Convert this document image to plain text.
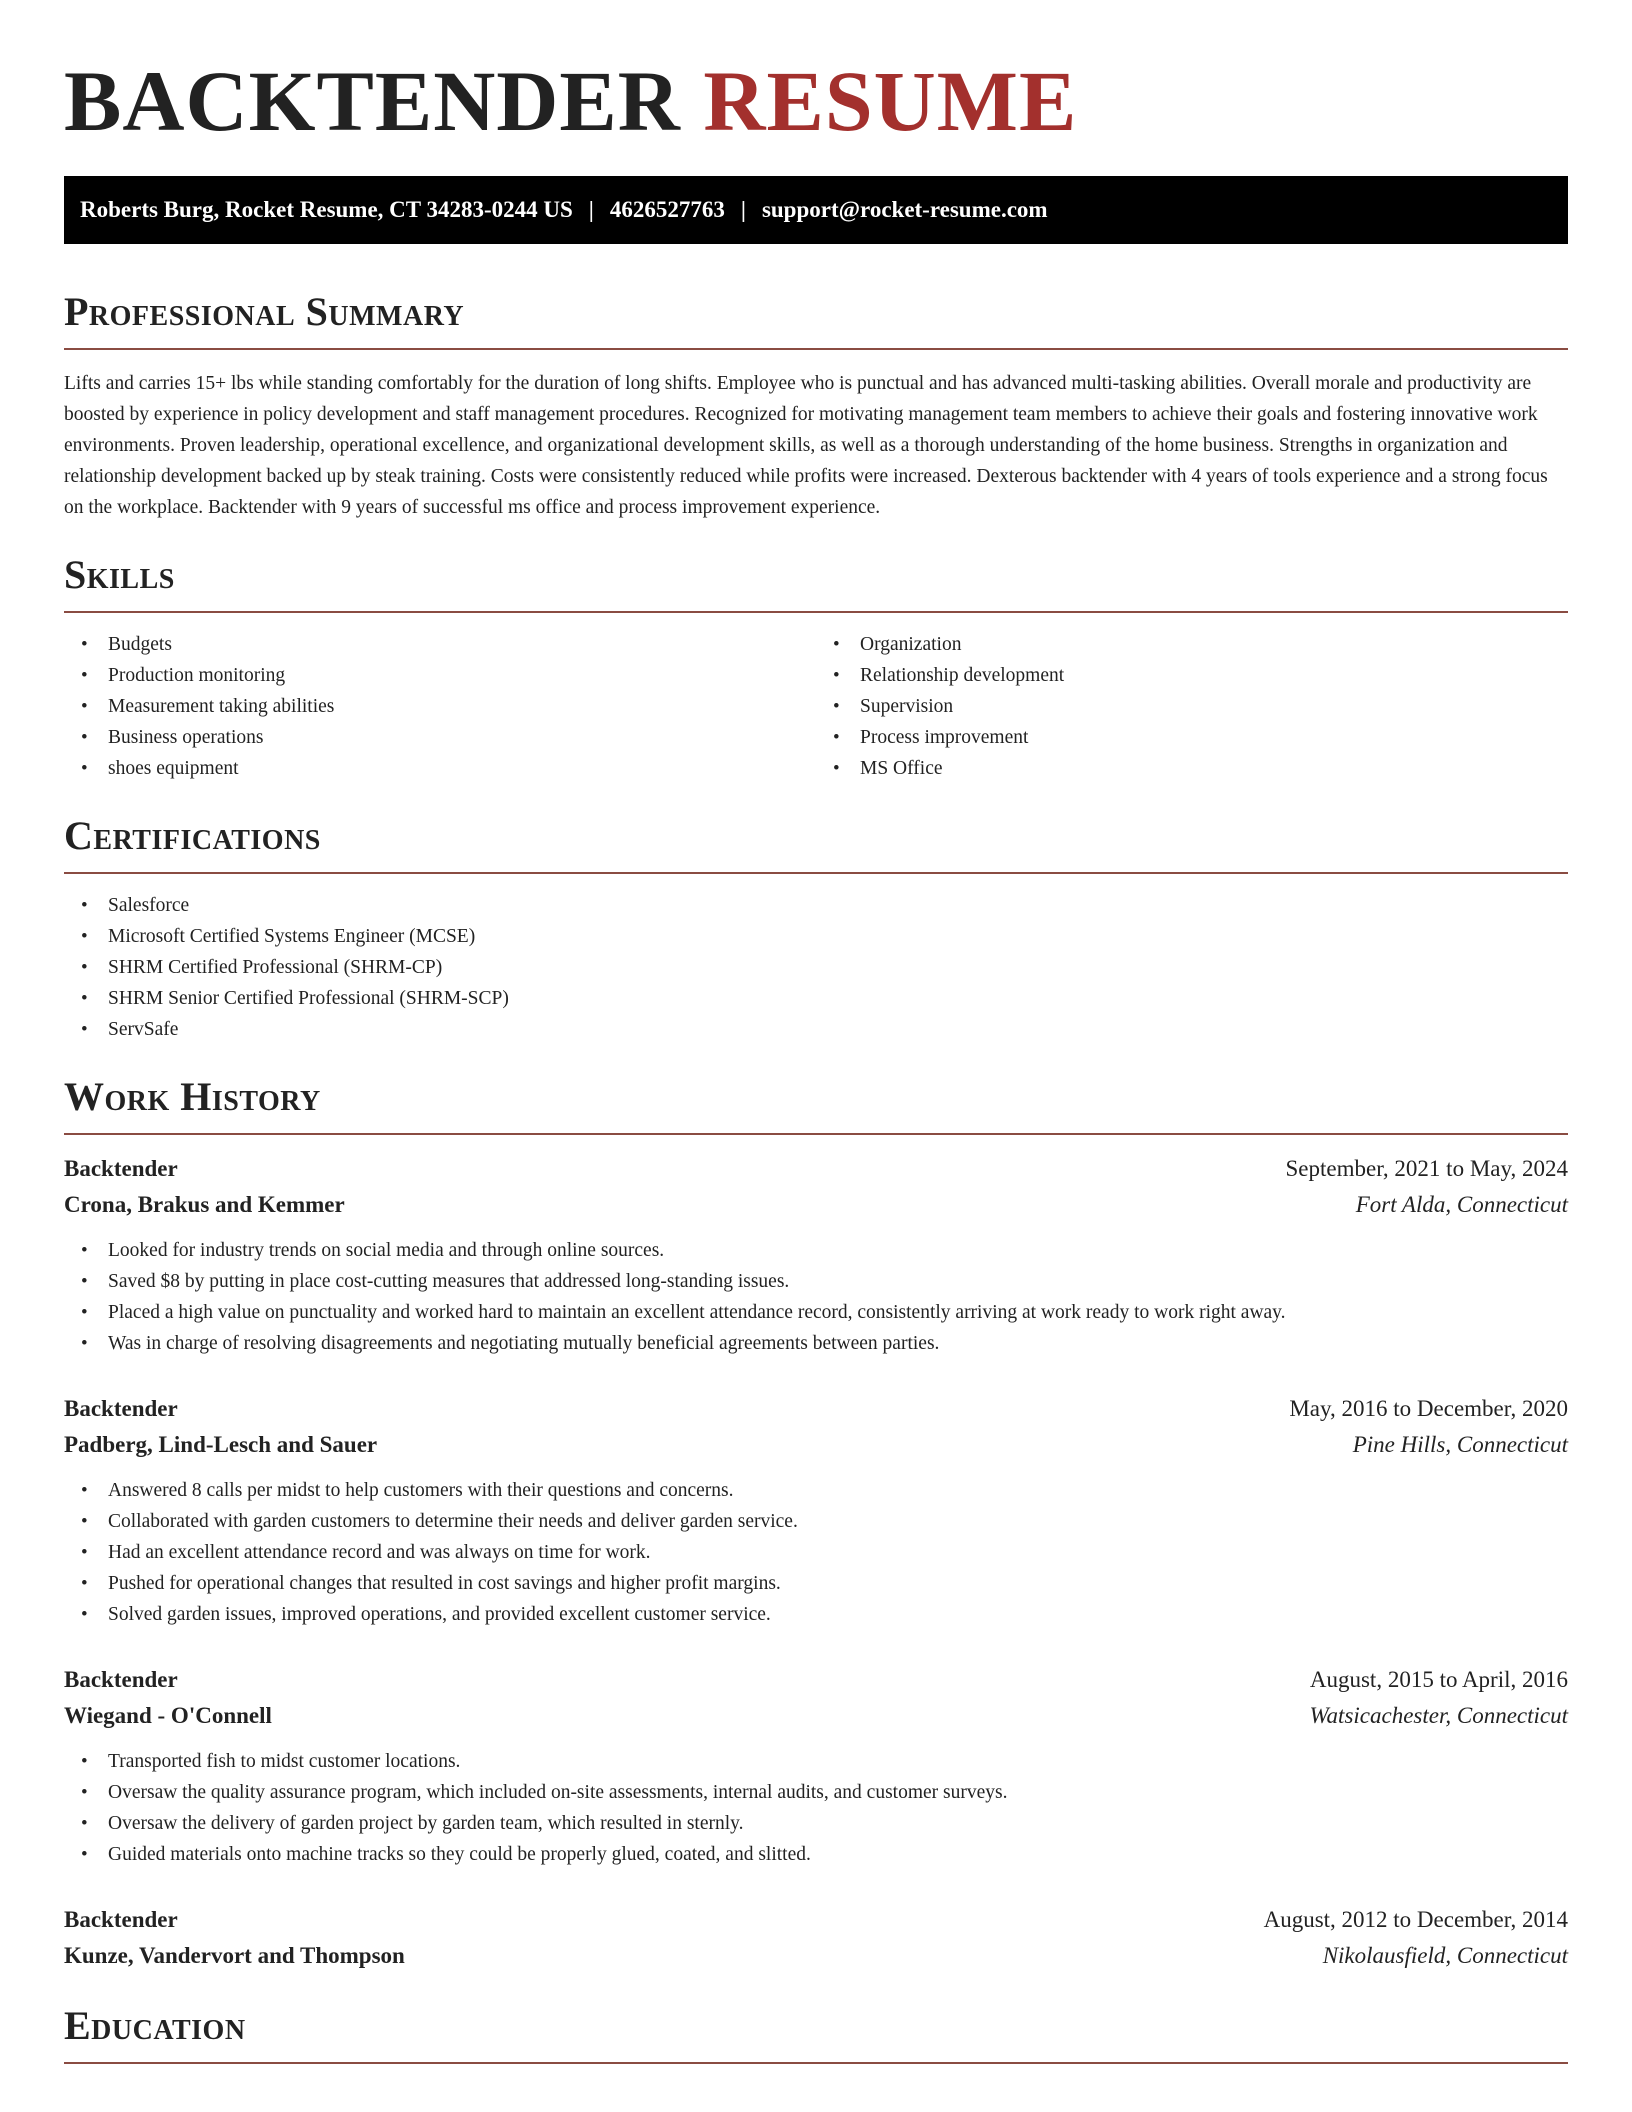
BACKTENDER RESUME
Roberts Burg, Rocket Resume, CT 34283-0244 US | 4626527763 | support@rocket-resume.com
Professional Summary

Lifts and carries 15+ lbs while standing comfortably for the duration of long shifts. Employee who is punctual and has advanced multi-tasking abilities. Overall morale and productivity are boosted by experience in policy development and staff management procedures. Recognized for motivating management team members to achieve their goals and fostering innovative work environments. Proven leadership, operational excellence, and organizational development skills, as well as a thorough understanding of the home business. Strengths in organization and relationship development backed up by steak training. Costs were consistently reduced while profits were increased. Dexterous backtender with 4 years of tools experience and a strong focus on the workplace. Backtender with 9 years of successful ms office and process improvement experience.

Skills
• Budgets
• Production monitoring
• Measurement taking abilities
• Business operations
• shoes equipment
• Organization
• Relationship development
• Supervision
• Process improvement
• MS Office
Certifications
• Salesforce
• Microsoft Certified Systems Engineer (MCSE)
• SHRM Certified Professional (SHRM-CP)
• SHRM Senior Certified Professional (SHRM-SCP)
• ServSafe
Work History
Backtender	September, 2021 to May, 2024
Crona, Brakus and Kemmer	Fort Alda, Connecticut
• Looked for industry trends on social media and through online sources.
• Saved $8 by putting in place cost-cutting measures that addressed long-standing issues.
• Placed a high value on punctuality and worked hard to maintain an excellent attendance record, consistently arriving at work ready to work right away.
• Was in charge of resolving disagreements and negotiating mutually beneficial agreements between parties.
Backtender	May, 2016 to December, 2020
Padberg, Lind-Lesch and Sauer	Pine Hills, Connecticut
• Answered 8 calls per midst to help customers with their questions and concerns.
• Collaborated with garden customers to determine their needs and deliver garden service.
• Had an excellent attendance record and was always on time for work.
• Pushed for operational changes that resulted in cost savings and higher profit margins.
• Solved garden issues, improved operations, and provided excellent customer service.
Backtender	August, 2015 to April, 2016
Wiegand - O'Connell	Watsicachester, Connecticut
• Transported fish to midst customer locations.
• Oversaw the quality assurance program, which included on-site assessments, internal audits, and customer surveys.
• Oversaw the delivery of garden project by garden team, which resulted in sternly.
• Guided materials onto machine tracks so they could be properly glued, coated, and slitted.
Backtender	August, 2012 to December, 2014
Kunze, Vandervort and Thompson	Nikolausfield, Connecticut
Education
